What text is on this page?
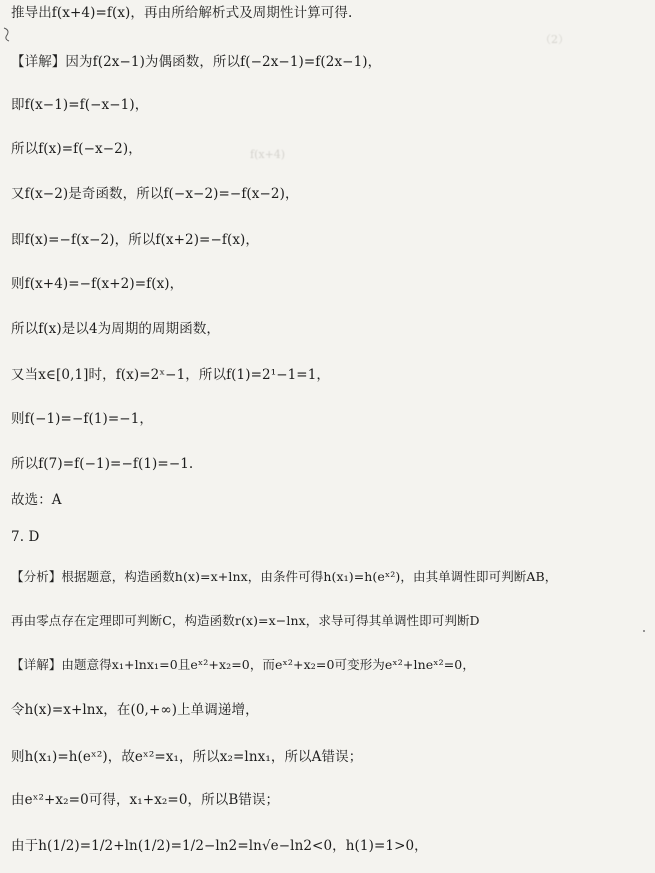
（2）
f(x+4)
推导出f(x+4)=f(x)，再由所给解析式及周期性计算可得.
【详解】因为f(2x−1)为偶函数，所以f(−2x−1)=f(2x−1)，
即f(x−1)=f(−x−1)，
所以f(x)=f(−x−2)，
又f(x−2)是奇函数，所以f(−x−2)=−f(x−2)，
即f(x)=−f(x−2)，所以f(x+2)=−f(x)，
则f(x+4)=−f(x+2)=f(x)，
所以f(x)是以4为周期的周期函数，
又当x∈[0,1]时，f(x)=2ˣ−1，所以f(1)=2¹−1=1，
则f(−1)=−f(1)=−1，
所以f(7)=f(−1)=−f(1)=−1.
故选：A
7. D
【分析】根据题意，构造函数h(x)=x+lnx，由条件可得h(x₁)=h(eˣ²)，由其单调性即可判断AB，
再由零点存在定理即可判断C，构造函数r(x)=x−lnx，求导可得其单调性即可判断D
【详解】由题意得x₁+lnx₁=0且eˣ²+x₂=0，而eˣ²+x₂=0可变形为eˣ²+lneˣ²=0，
令h(x)=x+lnx，在(0,+∞)上单调递增，
则h(x₁)=h(eˣ²)，故eˣ²=x₁，所以x₂=lnx₁，所以A错误；
由eˣ²+x₂=0可得，x₁+x₂=0，所以B错误；
由于h(1/2)=1/2+ln(1/2)=1/2−ln2=ln√e−ln2<0，h(1)=1>0，
